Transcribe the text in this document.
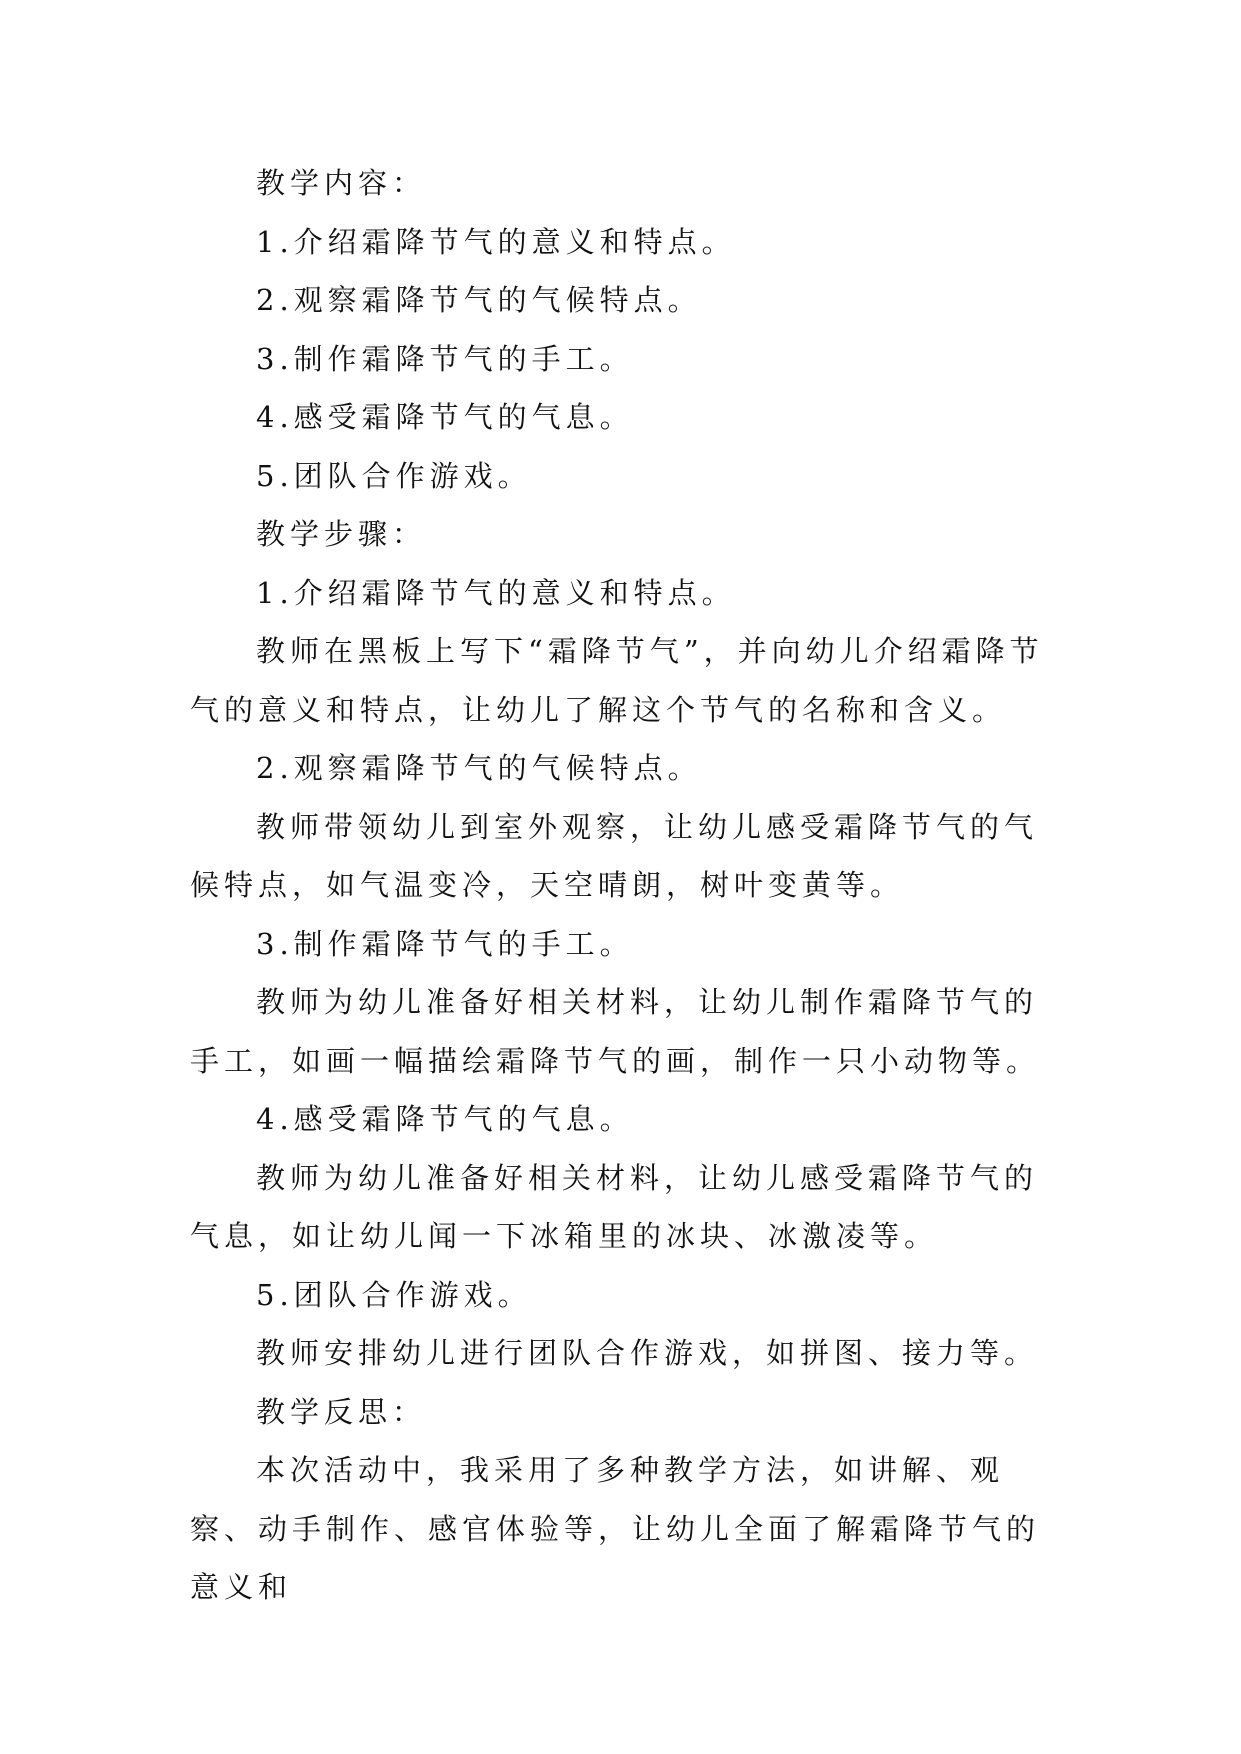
教学内容：

1.介绍霜降节气的意义和特点。

2.观察霜降节气的气候特点。

3.制作霜降节气的手工。

4.感受霜降节气的气息。

5.团队合作游戏。

教学步骤：

1.介绍霜降节气的意义和特点。

教师在黑板上写下“霜降节气”，并向幼儿介绍霜降节气的意义和特点，让幼儿了解这个节气的名称和含义。

2.观察霜降节气的气候特点。

教师带领幼儿到室外观察，让幼儿感受霜降节气的气候特点，如气温变冷，天空晴朗，树叶变黄等。

3.制作霜降节气的手工。

教师为幼儿准备好相关材料，让幼儿制作霜降节气的手工，如画一幅描绘霜降节气的画，制作一只小动物等。

4.感受霜降节气的气息。

教师为幼儿准备好相关材料，让幼儿感受霜降节气的气息，如让幼儿闻一下冰箱里的冰块、冰激凌等。

5.团队合作游戏。

教师安排幼儿进行团队合作游戏，如拼图、接力等。

教学反思：

本次活动中，我采用了多种教学方法，如讲解、观察、动手制作、感官体验等，让幼儿全面了解霜降节气的意义和
